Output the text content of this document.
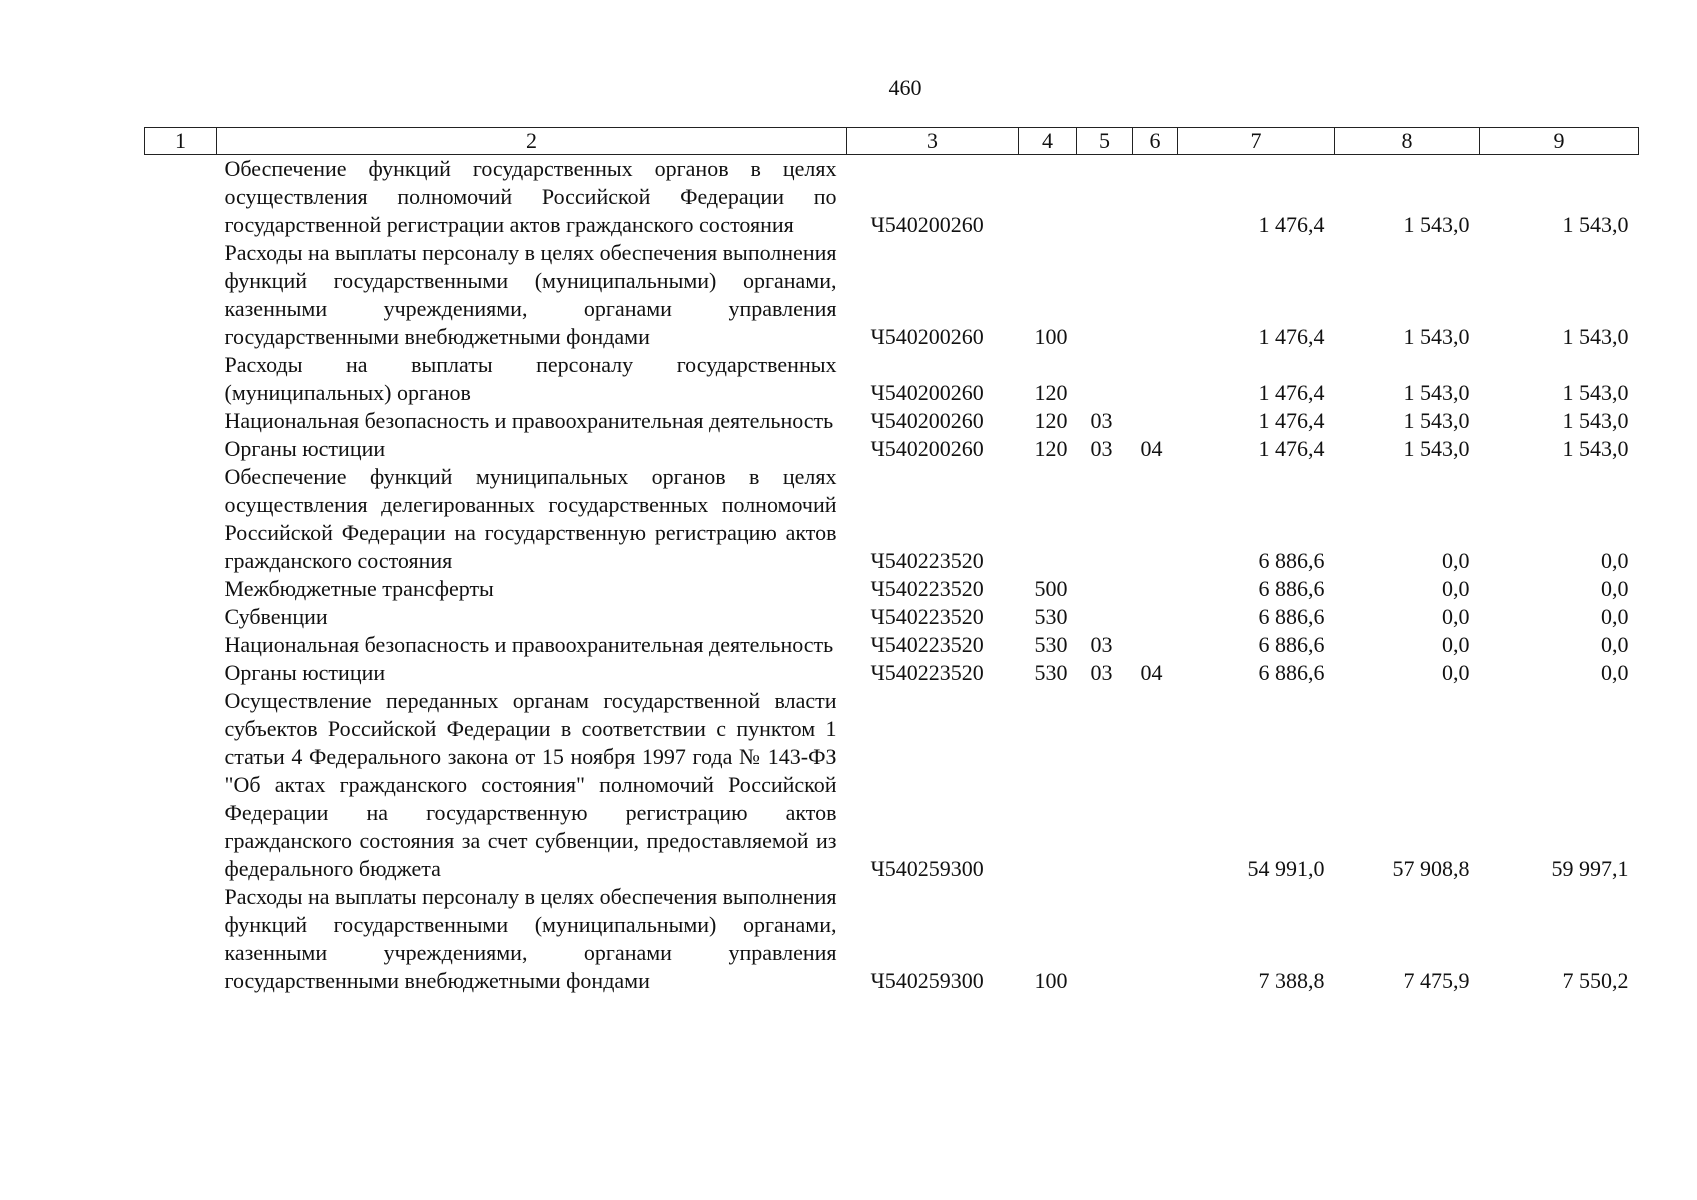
460
1	2	3	4	5	6	7	8	9
	Обеспечение функций государственных органов в целях осуществления полномочий Российской Федерации по государственной регистрации актов гражданского состояния	Ч540200260				1 476,4	1 543,0	1 543,0
	Расходы на выплаты персоналу в целях обеспечения выполнения функций государственными (муниципальными) органами, казенными учреждениями, органами управления государственными внебюджетными фондами	Ч540200260	100			1 476,4	1 543,0	1 543,0
	Расходы на выплаты персоналу государственных (муниципальных) органов	Ч540200260	120			1 476,4	1 543,0	1 543,0
	Национальная безопасность и правоохранительная деятельность	Ч540200260	120	03		1 476,4	1 543,0	1 543,0
	Органы юстиции	Ч540200260	120	03	04	1 476,4	1 543,0	1 543,0
	Обеспечение функций муниципальных органов в целях осуществления делегированных государственных полномочий Российской Федерации на государственную регистрацию актов гражданского состояния	Ч540223520				6 886,6	0,0	0,0
	Межбюджетные трансферты	Ч540223520	500			6 886,6	0,0	0,0
	Субвенции	Ч540223520	530			6 886,6	0,0	0,0
	Национальная безопасность и правоохранительная деятельность	Ч540223520	530	03		6 886,6	0,0	0,0
	Органы юстиции	Ч540223520	530	03	04	6 886,6	0,0	0,0
	Осуществление переданных органам государственной власти субъектов Российской Федерации в соответствии с пунктом 1 статьи 4 Федерального закона от 15 ноября 1997 года № 143-ФЗ "Об актах гражданского состояния" полномочий Российской Федерации на государственную регистрацию актов гражданского состояния за счет субвенции, предоставляемой из федерального бюджета	Ч540259300				54 991,0	57 908,8	59 997,1
	Расходы на выплаты персоналу в целях обеспечения выполнения функций государственными (муниципальными) органами, казенными учреждениями, органами управления государственными внебюджетными фондами	Ч540259300	100			7 388,8	7 475,9	7 550,2
